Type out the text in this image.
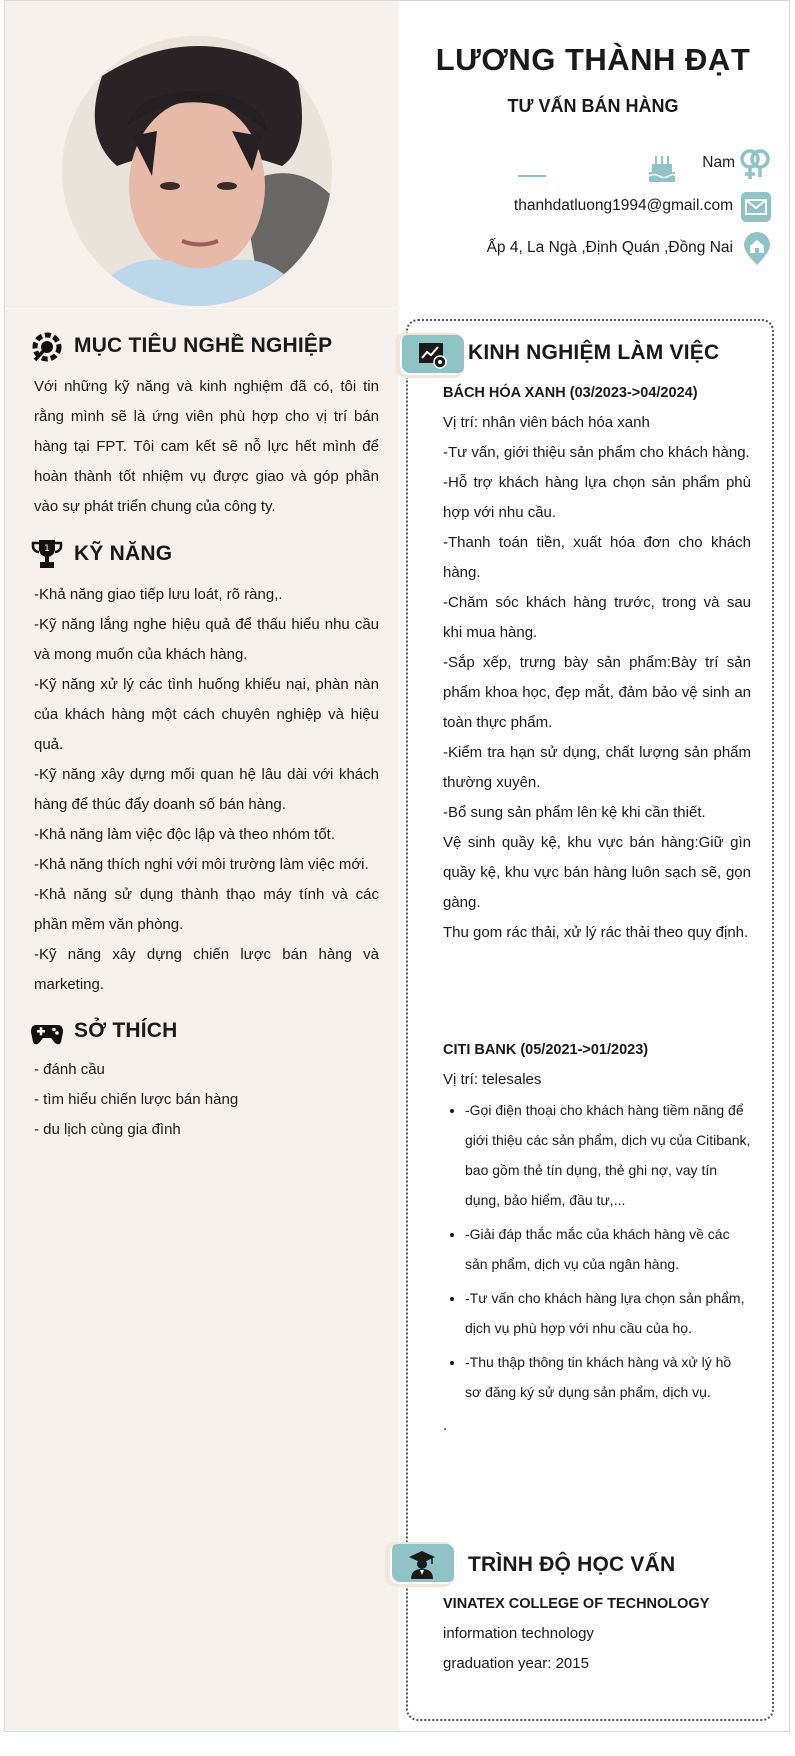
LƯƠNG THÀNH ĐẠT
TƯ VẤN BÁN HÀNG
Nam
thanhdatluong1994@gmail.com
Ấp 4, La Ngà ,Định Quán ,Đồng Nai
MỤC TIÊU NGHỀ NGHIỆP

Với những kỹ năng và kinh nghiệm đã có, tôi tin rằng mình sẽ là ứng viên phù hợp cho vị trí bán hàng tại FPT. Tôi cam kết sẽ nỗ lực hết mình để hoàn thành tốt nhiệm vụ được giao và góp phần vào sự phát triển chung của công ty.

1 KỸ NĂNG
-Khả năng giao tiếp lưu loát, rõ ràng,.
-Kỹ năng lắng nghe hiệu quả để thấu hiểu nhu cầu và mong muốn của khách hàng.
-Kỹ năng xử lý các tình huống khiếu nại, phàn nàn của khách hàng một cách chuyên nghiệp và hiệu quả.
-Kỹ năng xây dựng mối quan hệ lâu dài với khách hàng để thúc đẩy doanh số bán hàng.
-Khả năng làm việc độc lập và theo nhóm tốt.
-Khả năng thích nghi với môi trường làm việc mới.
-Khả năng sử dụng thành thạo máy tính và các phần mềm văn phòng.
-Kỹ năng xây dựng chiến lược bán hàng và marketing.
SỞ THÍCH
- đánh cầu
- tìm hiểu chiến lược bán hàng
- du lịch cùng gia đình
KINH NGHIỆM LÀM VIỆC
BÁCH HÓA XANH (03/2023->04/2024)
Vị trí: nhân viên bách hóa xanh
-Tư vấn, giới thiệu sản phẩm cho khách hàng.
-Hỗ trợ khách hàng lựa chọn sản phẩm phù hợp với nhu cầu.
-Thanh toán tiền, xuất hóa đơn cho khách hàng.
-Chăm sóc khách hàng trước, trong và sau khi mua hàng.
-Sắp xếp, trưng bày sản phẩm:Bày trí sản phẩm khoa học, đẹp mắt, đảm bảo vệ sinh an toàn thực phẩm.
-Kiểm tra hạn sử dụng, chất lượng sản phẩm thường xuyên.
-Bổ sung sản phẩm lên kệ khi cần thiết.
Vệ sinh quầy kệ, khu vực bán hàng:Giữ gìn quầy kệ, khu vực bán hàng luôn sạch sẽ, gọn gàng.
Thu gom rác thải, xử lý rác thải theo quy định.
CITI BANK (05/2021->01/2023)
Vị trí: telesales
• -Gọi điện thoại cho khách hàng tiềm năng để giới thiệu các sản phẩm, dịch vụ của Citibank, bao gồm thẻ tín dụng, thẻ ghi nợ, vay tín dụng, bảo hiểm, đầu tư,...
• -Giải đáp thắc mắc của khách hàng về các sản phẩm, dịch vụ của ngân hàng.
• -Tư vấn cho khách hàng lựa chọn sản phẩm, dịch vụ phù hợp với nhu cầu của họ.
• -Thu thập thông tin khách hàng và xử lý hồ sơ đăng ký sử dụng sản phẩm, dịch vụ.
.
TRÌNH ĐỘ HỌC VẤN
VINATEX COLLEGE OF TECHNOLOGY
information technology
graduation year: 2015
